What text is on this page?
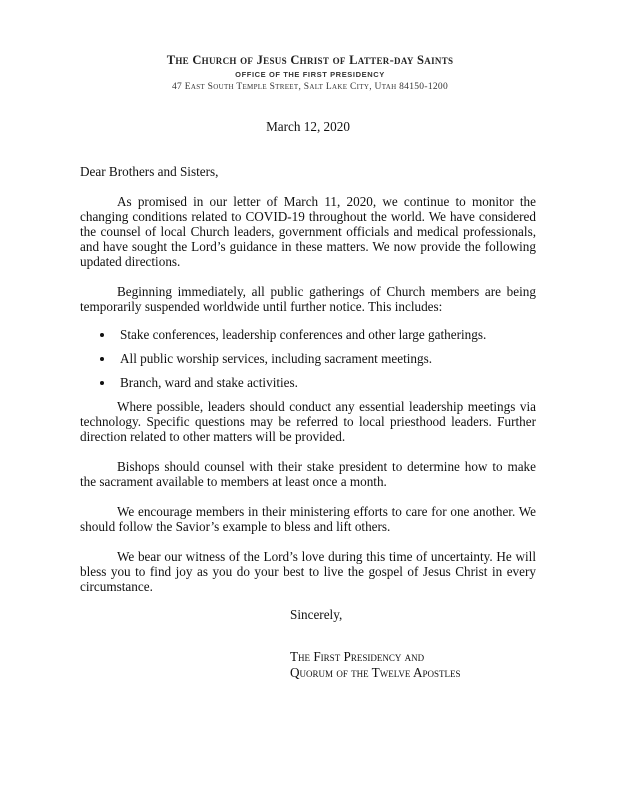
The Church of Jesus Christ of Latter-day Saints
OFFICE OF THE FIRST PRESIDENCY
47 East South Temple Street, Salt Lake City, Utah 84150-1200

March 12, 2020

Dear Brothers and Sisters,

As promised in our letter of March 11, 2020, we continue to monitor the changing conditions related to COVID-19 throughout the world. We have considered the counsel of local Church leaders, government officials and medical professionals, and have sought the Lord’s guidance in these matters. We now provide the following updated directions.

Beginning immediately, all public gatherings of Church members are being temporarily suspended worldwide until further notice. This includes:

Stake conferences, leadership conferences and other large gatherings.
All public worship services, including sacrament meetings.
Branch, ward and stake activities.

Where possible, leaders should conduct any essential leadership meetings via technology. Specific questions may be referred to local priesthood leaders. Further direction related to other matters will be provided.

Bishops should counsel with their stake president to determine how to make the sacrament available to members at least once a month.

We encourage members in their ministering efforts to care for one another. We should follow the Savior’s example to bless and lift others.

We bear our witness of the Lord’s love during this time of uncertainty. He will bless you to find joy as you do your best to live the gospel of Jesus Christ in every circumstance.

Sincerely,

The First Presidency and
Quorum of the Twelve Apostles
